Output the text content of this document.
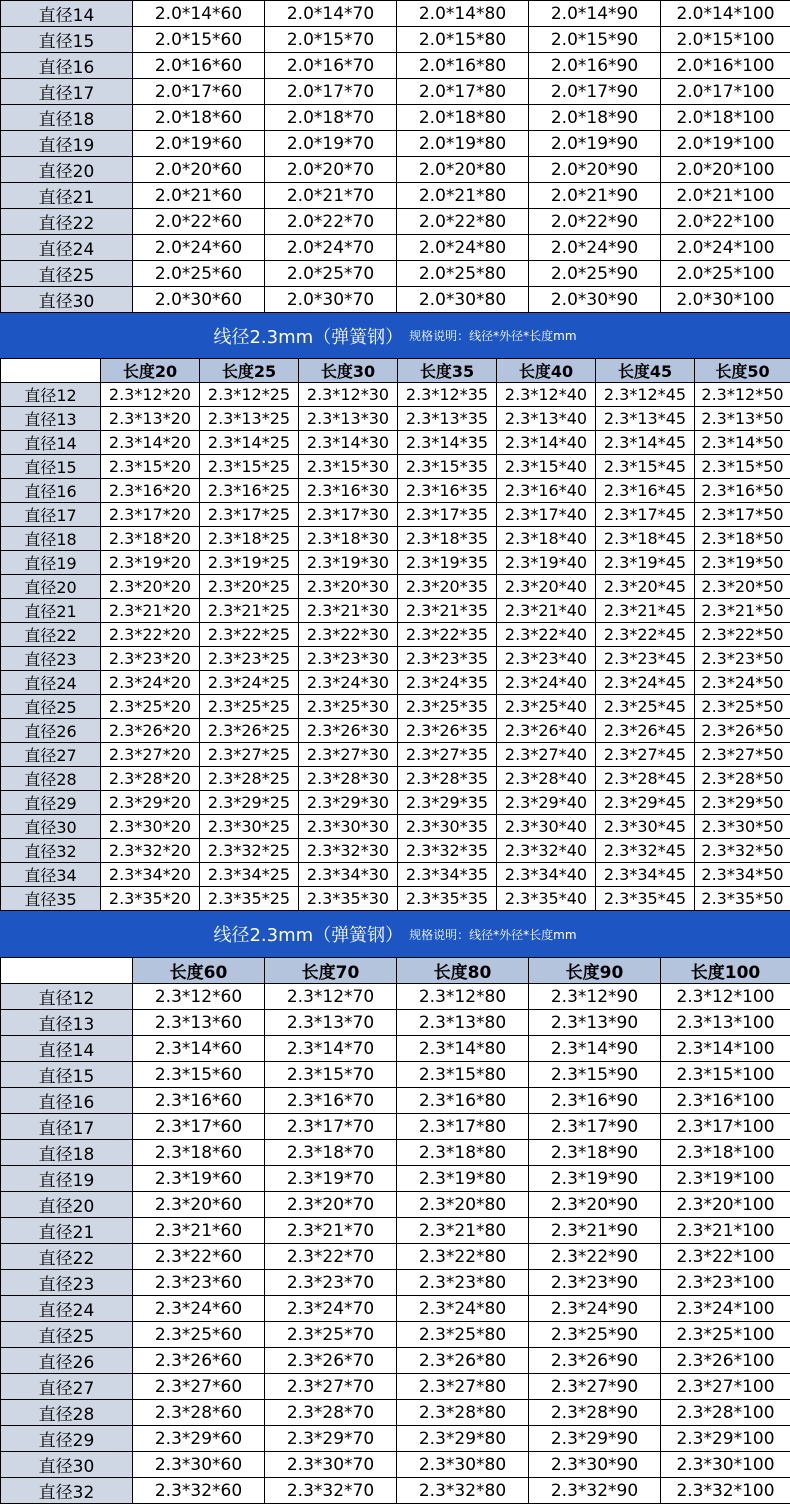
直径14	2.0*14*60	2.0*14*70	2.0*14*80	2.0*14*90	2.0*14*100
直径15	2.0*15*60	2.0*15*70	2.0*15*80	2.0*15*90	2.0*15*100
直径16	2.0*16*60	2.0*16*70	2.0*16*80	2.0*16*90	2.0*16*100
直径17	2.0*17*60	2.0*17*70	2.0*17*80	2.0*17*90	2.0*17*100
直径18	2.0*18*60	2.0*18*70	2.0*18*80	2.0*18*90	2.0*18*100
直径19	2.0*19*60	2.0*19*70	2.0*19*80	2.0*19*90	2.0*19*100
直径20	2.0*20*60	2.0*20*70	2.0*20*80	2.0*20*90	2.0*20*100
直径21	2.0*21*60	2.0*21*70	2.0*21*80	2.0*21*90	2.0*21*100
直径22	2.0*22*60	2.0*22*70	2.0*22*80	2.0*22*90	2.0*22*100
直径24	2.0*24*60	2.0*24*70	2.0*24*80	2.0*24*90	2.0*24*100
直径25	2.0*25*60	2.0*25*70	2.0*25*80	2.0*25*90	2.0*25*100
直径30	2.0*30*60	2.0*30*70	2.0*30*80	2.0*30*90	2.0*30*100
线径2.3mm（弹簧钢） 规格说明：线径*外径*长度mm
	长度20	长度25	长度30	长度35	长度40	长度45	长度50
直径12	2.3*12*20	2.3*12*25	2.3*12*30	2.3*12*35	2.3*12*40	2.3*12*45	2.3*12*50
直径13	2.3*13*20	2.3*13*25	2.3*13*30	2.3*13*35	2.3*13*40	2.3*13*45	2.3*13*50
直径14	2.3*14*20	2.3*14*25	2.3*14*30	2.3*14*35	2.3*14*40	2.3*14*45	2.3*14*50
直径15	2.3*15*20	2.3*15*25	2.3*15*30	2.3*15*35	2.3*15*40	2.3*15*45	2.3*15*50
直径16	2.3*16*20	2.3*16*25	2.3*16*30	2.3*16*35	2.3*16*40	2.3*16*45	2.3*16*50
直径17	2.3*17*20	2.3*17*25	2.3*17*30	2.3*17*35	2.3*17*40	2.3*17*45	2.3*17*50
直径18	2.3*18*20	2.3*18*25	2.3*18*30	2.3*18*35	2.3*18*40	2.3*18*45	2.3*18*50
直径19	2.3*19*20	2.3*19*25	2.3*19*30	2.3*19*35	2.3*19*40	2.3*19*45	2.3*19*50
直径20	2.3*20*20	2.3*20*25	2.3*20*30	2.3*20*35	2.3*20*40	2.3*20*45	2.3*20*50
直径21	2.3*21*20	2.3*21*25	2.3*21*30	2.3*21*35	2.3*21*40	2.3*21*45	2.3*21*50
直径22	2.3*22*20	2.3*22*25	2.3*22*30	2.3*22*35	2.3*22*40	2.3*22*45	2.3*22*50
直径23	2.3*23*20	2.3*23*25	2.3*23*30	2.3*23*35	2.3*23*40	2.3*23*45	2.3*23*50
直径24	2.3*24*20	2.3*24*25	2.3*24*30	2.3*24*35	2.3*24*40	2.3*24*45	2.3*24*50
直径25	2.3*25*20	2.3*25*25	2.3*25*30	2.3*25*35	2.3*25*40	2.3*25*45	2.3*25*50
直径26	2.3*26*20	2.3*26*25	2.3*26*30	2.3*26*35	2.3*26*40	2.3*26*45	2.3*26*50
直径27	2.3*27*20	2.3*27*25	2.3*27*30	2.3*27*35	2.3*27*40	2.3*27*45	2.3*27*50
直径28	2.3*28*20	2.3*28*25	2.3*28*30	2.3*28*35	2.3*28*40	2.3*28*45	2.3*28*50
直径29	2.3*29*20	2.3*29*25	2.3*29*30	2.3*29*35	2.3*29*40	2.3*29*45	2.3*29*50
直径30	2.3*30*20	2.3*30*25	2.3*30*30	2.3*30*35	2.3*30*40	2.3*30*45	2.3*30*50
直径32	2.3*32*20	2.3*32*25	2.3*32*30	2.3*32*35	2.3*32*40	2.3*32*45	2.3*32*50
直径34	2.3*34*20	2.3*34*25	2.3*34*30	2.3*34*35	2.3*34*40	2.3*34*45	2.3*34*50
直径35	2.3*35*20	2.3*35*25	2.3*35*30	2.3*35*35	2.3*35*40	2.3*35*45	2.3*35*50
线径2.3mm（弹簧钢） 规格说明：线径*外径*长度mm
	长度60	长度70	长度80	长度90	长度100
直径12	2.3*12*60	2.3*12*70	2.3*12*80	2.3*12*90	2.3*12*100
直径13	2.3*13*60	2.3*13*70	2.3*13*80	2.3*13*90	2.3*13*100
直径14	2.3*14*60	2.3*14*70	2.3*14*80	2.3*14*90	2.3*14*100
直径15	2.3*15*60	2.3*15*70	2.3*15*80	2.3*15*90	2.3*15*100
直径16	2.3*16*60	2.3*16*70	2.3*16*80	2.3*16*90	2.3*16*100
直径17	2.3*17*60	2.3*17*70	2.3*17*80	2.3*17*90	2.3*17*100
直径18	2.3*18*60	2.3*18*70	2.3*18*80	2.3*18*90	2.3*18*100
直径19	2.3*19*60	2.3*19*70	2.3*19*80	2.3*19*90	2.3*19*100
直径20	2.3*20*60	2.3*20*70	2.3*20*80	2.3*20*90	2.3*20*100
直径21	2.3*21*60	2.3*21*70	2.3*21*80	2.3*21*90	2.3*21*100
直径22	2.3*22*60	2.3*22*70	2.3*22*80	2.3*22*90	2.3*22*100
直径23	2.3*23*60	2.3*23*70	2.3*23*80	2.3*23*90	2.3*23*100
直径24	2.3*24*60	2.3*24*70	2.3*24*80	2.3*24*90	2.3*24*100
直径25	2.3*25*60	2.3*25*70	2.3*25*80	2.3*25*90	2.3*25*100
直径26	2.3*26*60	2.3*26*70	2.3*26*80	2.3*26*90	2.3*26*100
直径27	2.3*27*60	2.3*27*70	2.3*27*80	2.3*27*90	2.3*27*100
直径28	2.3*28*60	2.3*28*70	2.3*28*80	2.3*28*90	2.3*28*100
直径29	2.3*29*60	2.3*29*70	2.3*29*80	2.3*29*90	2.3*29*100
直径30	2.3*30*60	2.3*30*70	2.3*30*80	2.3*30*90	2.3*30*100
直径32	2.3*32*60	2.3*32*70	2.3*32*80	2.3*32*90	2.3*32*100
